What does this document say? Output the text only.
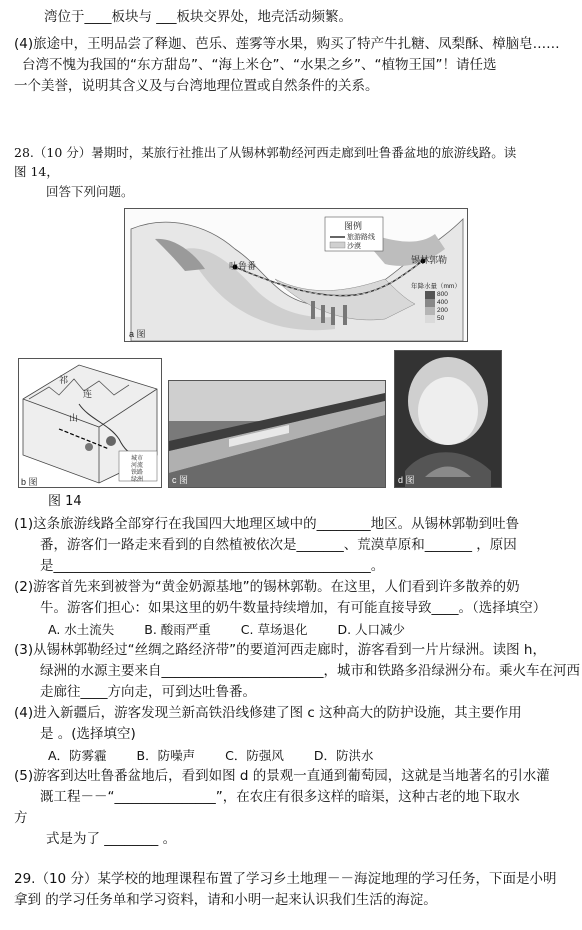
湾位于____板块与 ___板块交界处，地壳活动频繁。
(4)旅途中，王明品尝了释迦、芭乐、莲雾等水果，购买了特产牛扎糖、凤梨酥、樟脑皂……
台湾不愧为我国的“东方甜岛”、“海上米仓”、“水果之乡”、“植物王国”！请任选
一个美誉，说明其含义及与台湾地理位置或自然条件的关系。
28.（10 分）暑期时，某旅行社推出了从锡林郭勒经河西走廊到吐鲁番盆地的旅游线路。读
图 14，
回答下列问题。
图例
旅游路线
沙漠
吐鲁番
锡林郭勒
年降水量（mm）
800
400
200
50
a 图
祁
连
山
城市
河流
铁路
绿洲
b 图	c 图	d 图
图 14
(1)这条旅游线路全部穿行在我国四大地理区域中的________地区。从锡林郭勒到吐鲁
番，游客们一路走来看到的自然植被依次是_______、荒漠草原和_______ ，原因
是_______________________________________________。
(2)游客首先来到被誉为“黄金奶源基地”的锡林郭勒。在这里，人们看到许多散养的奶
牛。游客们担心：如果这里的奶牛数量持续增加，有可能直接导致____。（选择填空）
A. 水土流失 B. 酸雨严重 C. 草场退化 D. 人口减少
(3)从锡林郭勒经过“丝绸之路经济带”的要道河西走廊时，游客看到一片片绿洲。读图 h，
绿洲的水源主要来自________________________，城市和铁路多沿绿洲分布。乘火车在河西
走廊往____方向走，可到达吐鲁番。
(4)进入新疆后，游客发现兰新高铁沿线修建了图 c 这种高大的防护设施，其主要作用
是 。(选择填空)
A．防雾霾 B．防噪声 C．防强风 D．防洪水
(5)游客到达吐鲁番盆地后，看到如图 d 的景观一直通到葡萄园，这就是当地著名的引水灌
溉工程－－“_______________”，在农庄有很多这样的暗渠，这种古老的地下取水
方
式是为了 ________ 。
29.（10 分）某学校的地理课程布置了学习乡土地理－－海淀地理的学习任务，下面是小明
拿到 的学习任务单和学习资料，请和小明一起来认识我们生活的海淀。
